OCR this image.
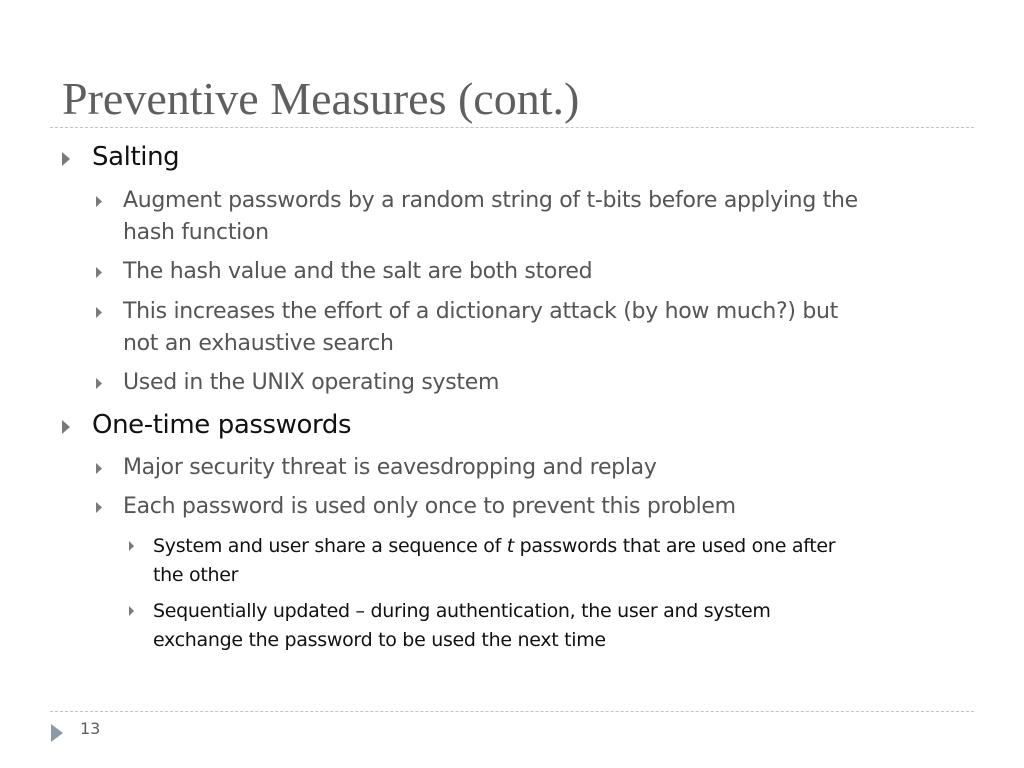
Preventive Measures (cont.)
Salting
Augment passwords by a random string of t-bits before applying the
hash function
The hash value and the salt are both stored
This increases the effort of a dictionary attack (by how much?) but
not an exhaustive search
Used in the UNIX operating system
One-time passwords
Major security threat is eavesdropping and replay
Each password is used only once to prevent this problem
System and user share a sequence of t passwords that are used one after
the other
Sequentially updated – during authentication, the user and system
exchange the password to be used the next time
13
